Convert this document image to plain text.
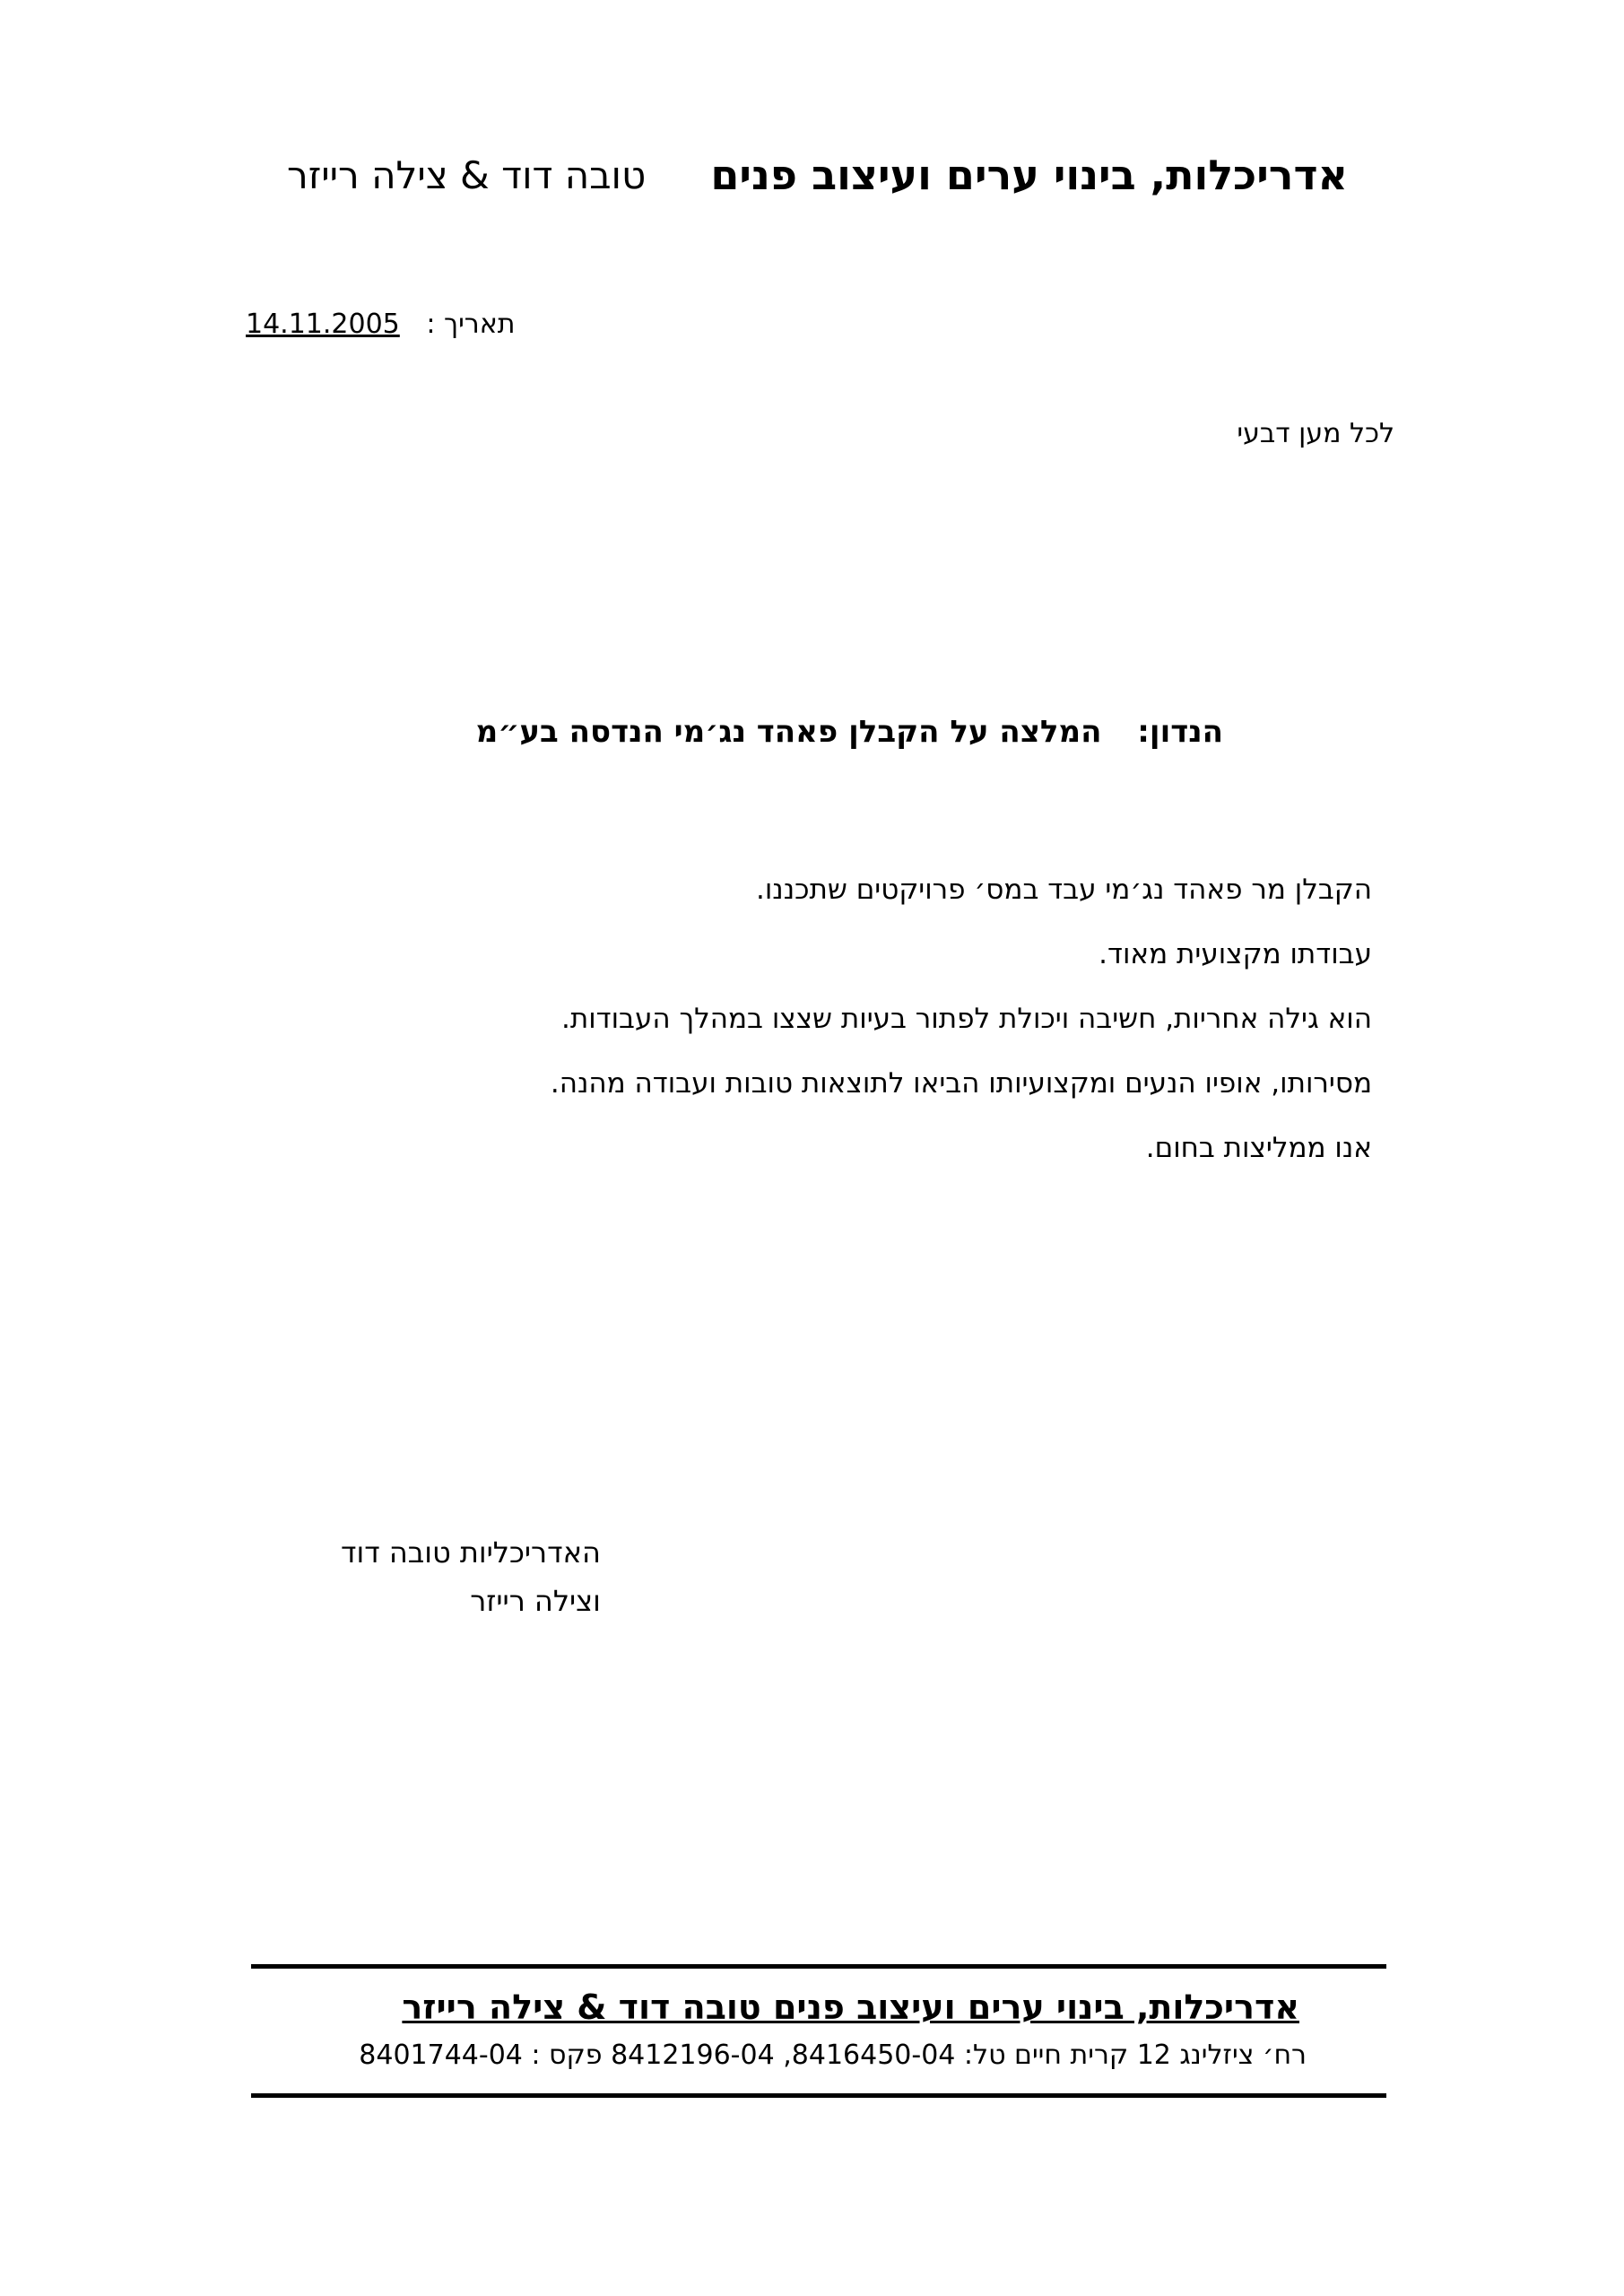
אדריכלות, בינוי ערים ועיצוב פנים
טובה דוד & צילה רייזר
14.11.2005 תאריך :
לכל מען דבעי
הנדון: המלצה על הקבלן פאהד נג׳מי הנדסה בע״מ
הקבלן מר פאהד נג׳מי עבד במס׳ פרויקטים שתכננו.
עבודתו מקצועית מאוד.
הוא גילה אחריות, חשיבה ויכולת לפתור בעיות שצצו במהלך העבודות.
מסירותו, אופיו הנעים ומקצועיותו הביאו לתוצאות טובות ועבודה מהנה.
אנו ממליצות בחום.
האדריכליות טובה דוד
וצילה רייזר
אדריכלות, בינוי ערים ועיצוב פנים טובה דוד & צילה רייזר
רח׳ ציזלינג 12 קרית חיים טל: 8416450-04, 8412196-04 פקס : 8401744-04
